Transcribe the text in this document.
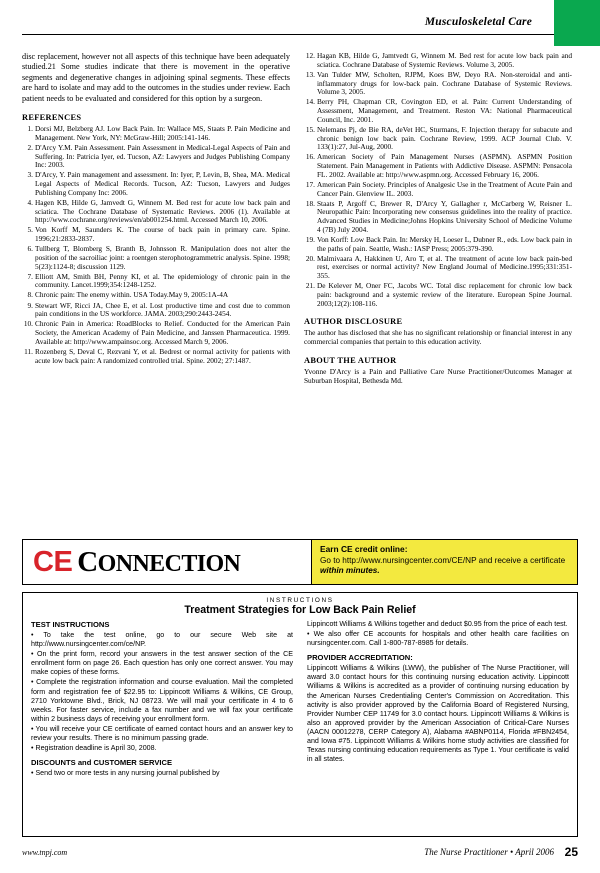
Musculoskeletal Care

disc replacement, however not all aspects of this technique have been adequately studied.21 Some studies indicate that there is movement in the operative segments and degenerative changes in adjoining spinal segments. These effects are hard to isolate and may add to the outcomes in the studies under review. Each patient needs to be evaluated and considered for this option by a surgeon.

REFERENCES
1. Dorsi MJ, Belzberg AJ. Low Back Pain. In: Wallace MS, Staats P. Pain Medicine and Management. New York, NY: McGraw-Hill; 2005:141-146.
2. D'Arcy Y.M. Pain Assessment. Pain Assessment in Medical-Legal Aspects of Pain and Suffering. In: Patricia Iyer, ed. Tucson, AZ: Lawyers and Judges Publishing Company Inc: 2003.
3. D'Arcy, Y. Pain management and assessment. In: Iyer, P, Levin, B, Shea, MA. Medical Legal Aspects of Medical Records. Tucson, AZ: Tucson, Lawyers and Judges Publishing Company Inc: 2006.
4. Hagen KB, Hilde G, Jamvedt G, Winnem M. Bed rest for acute low back pain and sciatica. The Cochrane Database of Systematic Reviews. 2006 (1). Available at http://www.cochrane.org/reviews/en/ab001254.html. Accessed March 10, 2006.
5. Von Korff M, Saunders K. The course of back pain in primary care. Spine. 1996;21:2833-2837.
6. Tullberg T, Blomberg S, Branth B, Johnsson R. Manipulation does not alter the position of the sacroiliac joint: a roentgen sterophotogrammetric analysis. Spine. 1998; 5(23):1124-8; discussion 1129.
7. Elliott AM, Smith BH, Penny KI, et al. The epidemiology of chronic pain in the community. Lancet.1999;354:1248-1252.
8. Chronic pain: The enemy within. USA Today.May 9, 2005:1A-4A
9. Stewart WF, Ricci JA, Chee E, et al. Lost productive time and cost due to common pain conditions in the US workforce. JAMA. 2003;290:2443-2454.
10. Chronic Pain in America: RoadBlocks to Relief. Conducted for the American Pain Society, the American Academy of Pain Medicine, and Janssen Pharmaceutica. 1999. Available at: http://www.ampainsoc.org. Accessed March 9, 2006.
11. Rozenberg S, Deval C, Rezvani Y, et al. Bedrest or normal activity for patients with acute low back pain: A randomized controlled trial. Spine. 2002; 27:1487.
12. Hagan KB, Hilde G, Jamtvedt G, Winnem M. Bed rest for acute low back pain and sciatica. Cochrane Database of Systemic Reviews. Volume 3, 2005.
13. Van Tulder MW, Scholten, RJPM, Koes BW, Deyo RA. Non-steroidal and anti-inflammatory drugs for low-back pain. Cochrane Database of Systemic Reviews. Volume 3, 2005.
14. Berry PH, Chapman CR, Covington ED, et al. Pain: Current Understanding of Assessment, Management, and Treatment. Reston VA: National Pharmaceutical Council, Inc. 2001.
15. Nelemans Pj, de Bie RA, deVet HC, Sturmans, F. Injection therapy for subacute and chronic benign low back pain. Cochrane Review, 1999. ACP Journal Club. V. 133(1):27, Jul-Aug, 2000.
16. American Society of Pain Management Nurses (ASPMN). ASPMN Position Statement. Pain Management in Patients with Addictive Disease. ASPMN: Pensacola FL. 2002. Available at: http://www.aspmn.org. Accessed February 16, 2006.
17. American Pain Society. Principles of Analgesic Use in the Treatment of Acute Pain and Cancer Pain. Glenview IL. 2003.
18. Staats P, Argoff C, Brewer R, D'Arcy Y, Gallagher r, McCarberg W, Reisner L. Neuropathic Pain: Incorporating new consensus guidelines into the reality of practice. Advanced Studies in Medicine;Johns Hopkins University School of Medicine Volume 4 (7B) July 2004.
19. Von Korff: Low Back Pain. In: Mersky H, Loeser L, Dubner R., eds. Low back pain in the paths of pain. Seattle, Wash.: IASP Press; 2005:379-390.
20. Malmivaara A, Hakkinen U, Aro T, et al. The treatment of acute low back pain-bed rest, exercises or normal activity? New England Journal of Medicine.1995;331:351-355.
21. De Kelever M, Oner FC, Jacobs WC. Total disc replacement for chronic low back pain: background and a systemic review of the literature. European Spine Journal. 2003;12(2):108-116.
AUTHOR DISCLOSURE

The author has disclosed that she has no significant relationship or financial interest in any commercial companies that pertain to this education activity.

ABOUT THE AUTHOR

Yvonne D'Arcy is a Pain and Palliative Care Nurse Practitioner/Outcomes Manager at Suburban Hospital, Bethesda Md.

CE CONNECTION
Earn CE credit online:
Go to http://www.nursingcenter.com/CE/NP and receive a certificate within minutes.
INSTRUCTIONS
Treatment Strategies for Low Back Pain Relief
TEST INSTRUCTIONS

• To take the test online, go to our secure Web site at http://www.nursingcenter.com/ce/NP.

• On the print form, record your answers in the test answer section of the CE enrollment form on page 26. Each question has only one correct answer. You may make copies of these forms.

• Complete the registration information and course evaluation. Mail the completed form and registration fee of $22.95 to: Lippincott Williams & Wilkins, CE Group, 2710 Yorktowne Blvd., Brick, NJ 08723. We will mail your certificate in 4 to 6 weeks. For faster service, include a fax number and we will fax your certificate within 2 business days of receiving your enrollment form.

• You will receive your CE certificate of earned contact hours and an answer key to review your results. There is no minimum passing grade.

• Registration deadline is April 30, 2008.

DISCOUNTS and CUSTOMER SERVICE

• Send two or more tests in any nursing journal published by

Lippincott Williams & Wilkins together and deduct $0.95 from the price of each test.

• We also offer CE accounts for hospitals and other health care facilities on nursingcenter.com. Call 1-800-787-8985 for details.

PROVIDER ACCREDITATION:

Lippincott Williams & Wilkins (LWW), the publisher of The Nurse Practitioner, will award 3.0 contact hours for this continuing nursing education activity. Lippincott Williams & Wilkins is accredited as a provider of continuing nursing education by the American Nurses Credentialing Center's Commission on Accreditation. This activity is also provider approved by the California Board of Registered Nursing, Provider Number CEP 11749 for 3.0 contact hours. Lippincott Williams & Wilkins is also an approved provider by the American Association of Critical-Care Nurses (AACN 00012278, CERP Category A), Alabama #ABNP0114, Florida #FBN2454, and Iowa #75. Lippincott Williams & Wilkins home study activities are classified for Texas nursing continuing education requirements as Type 1. Your certificate is valid in all states.

www.tnpj.com	The Nurse Practitioner • April 2006 25
